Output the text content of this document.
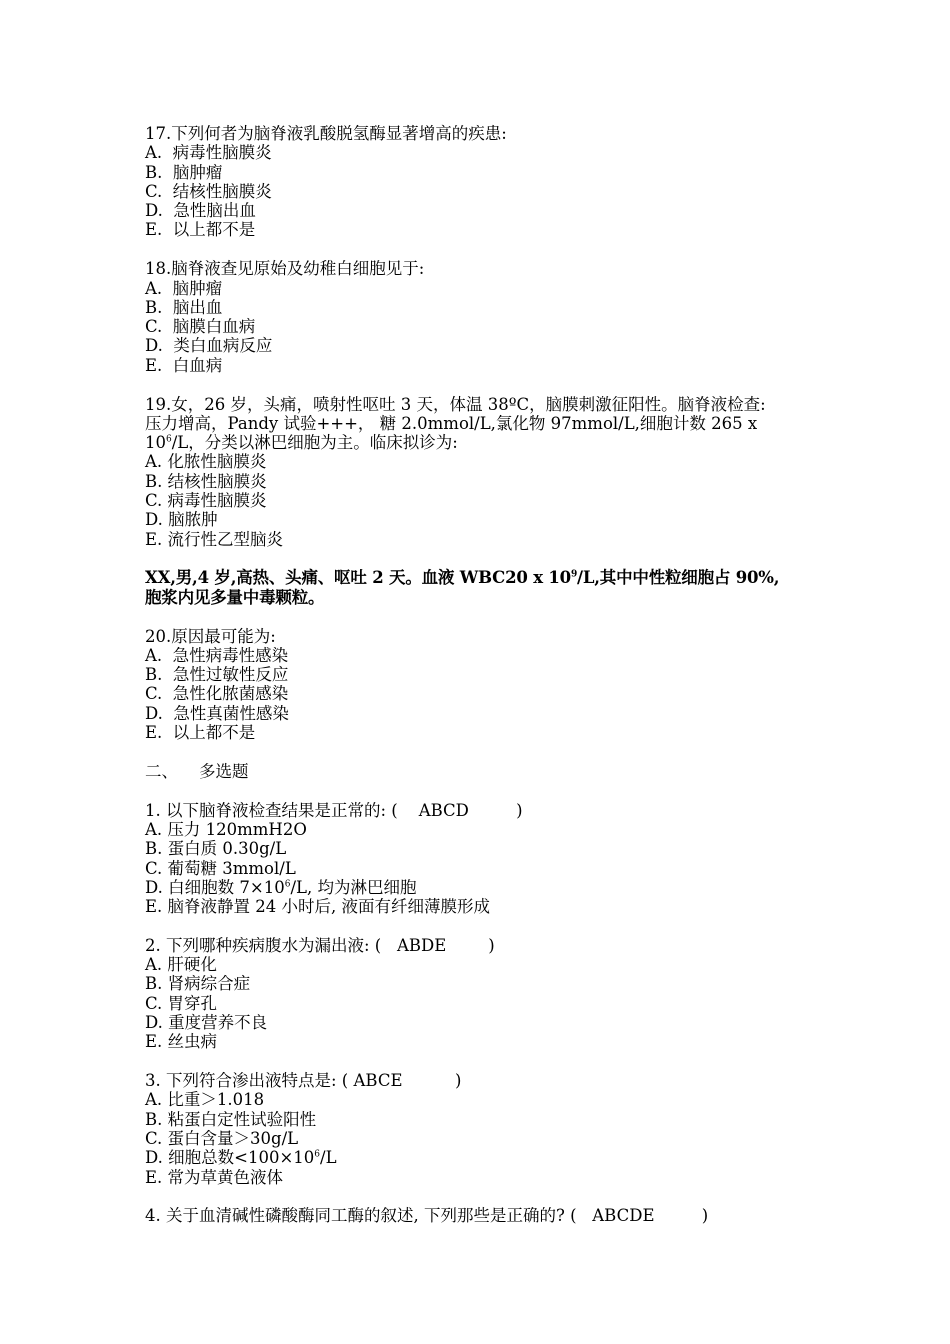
17.下列何者为脑脊液乳酸脱氢酶显著增高的疾患:
A.  病毒性脑膜炎
B.  脑肿瘤
C.  结核性脑膜炎
D.  急性脑出血
E.  以上都不是
18.脑脊液查见原始及幼稚白细胞见于:
A.  脑肿瘤
B.  脑出血
C.  脑膜白血病
D.  类白血病反应
E.  白血病
19.女，26 岁，头痛，喷射性呕吐 3 天，体温 38ºC，脑膜刺激征阳性。脑脊液检查:
压力增高，Pandy 试验+++， 糖 2.0mmol/L,氯化物 97mmol/L,细胞计数 265 x
$10^6/L$，分类以淋巴细胞为主。临床拟诊为:
A. 化脓性脑膜炎
B. 结核性脑膜炎
C. 病毒性脑膜炎
D. 脑脓肿
E. 流行性乙型脑炎
XX,男,4 岁,高热、头痛、呕吐 2 天。血液 WBC20 x $10^9/L$,其中中性粒细胞占 90%,
胞浆内见多量中毒颗粒。
20.原因最可能为:
A.  急性病毒性感染
B.  急性过敏性反应
C.  急性化脓菌感染
D.  急性真菌性感染
E.  以上都不是
二、    多选题
1. 以下脑脊液检查结果是正常的: (    ABCD         )
A. 压力 120mmH2O
B. 蛋白质 0.30g/L
C. 葡萄糖 3mmol/L
D. 白细胞数 $7\times 10^6/L$, 均为淋巴细胞
E. 脑脊液静置 24 小时后, 液面有纤细薄膜形成
2. 下列哪种疾病腹水为漏出液: (   ABDE        )
A. 肝硬化
B. 肾病综合症
C. 胃穿孔
D. 重度营养不良
E. 丝虫病
3. 下列符合渗出液特点是: ( ABCE          )
A. 比重＞1.018
B. 粘蛋白定性试验阳性
C. 蛋白含量＞30g/L
D. 细胞总数$<100\times 10^6/L$
E. 常为草黄色液体
4. 关于血清碱性磷酸酶同工酶的叙述, 下列那些是正确的? (   ABCDE         )
